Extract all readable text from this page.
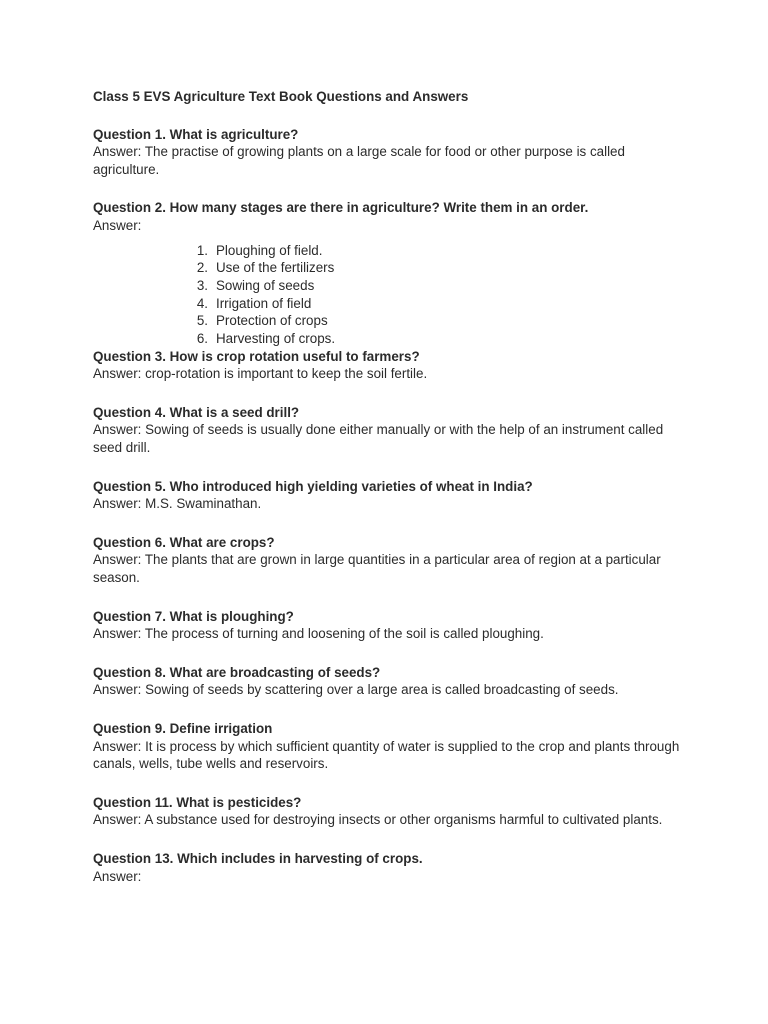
Class 5 EVS Agriculture Text Book Questions and Answers
Question 1. What is agriculture?
Answer: The practise of growing plants on a large scale for food or other purpose is called agriculture.
Question 2. How many stages are there in agriculture? Write them in an order.
Answer:
1. Ploughing of field.
2. Use of the fertilizers
3. Sowing of seeds
4. Irrigation of field
5. Protection of crops
6. Harvesting of crops.
Question 3. How is crop rotation useful to farmers?
Answer: crop-rotation is important to keep the soil fertile.
Question 4. What is a seed drill?
Answer: Sowing of seeds is usually done either manually or with the help of an instrument called seed drill.
Question 5. Who introduced high yielding varieties of wheat in India?
Answer: M.S. Swaminathan.
Question 6. What are crops?
Answer: The plants that are grown in large quantities in a particular area of region at a particular season.
Question 7. What is ploughing?
Answer: The process of turning and loosening of the soil is called ploughing.
Question 8. What are broadcasting of seeds?
Answer: Sowing of seeds by scattering over a large area is called broadcasting of seeds.
Question 9. Define irrigation
Answer: It is process by which sufficient quantity of water is supplied to the crop and plants through canals, wells, tube wells and reservoirs.
Question 11. What is pesticides?
Answer: A substance used for destroying insects or other organisms harmful to cultivated plants.
Question 13. Which includes in harvesting of crops.
Answer:
